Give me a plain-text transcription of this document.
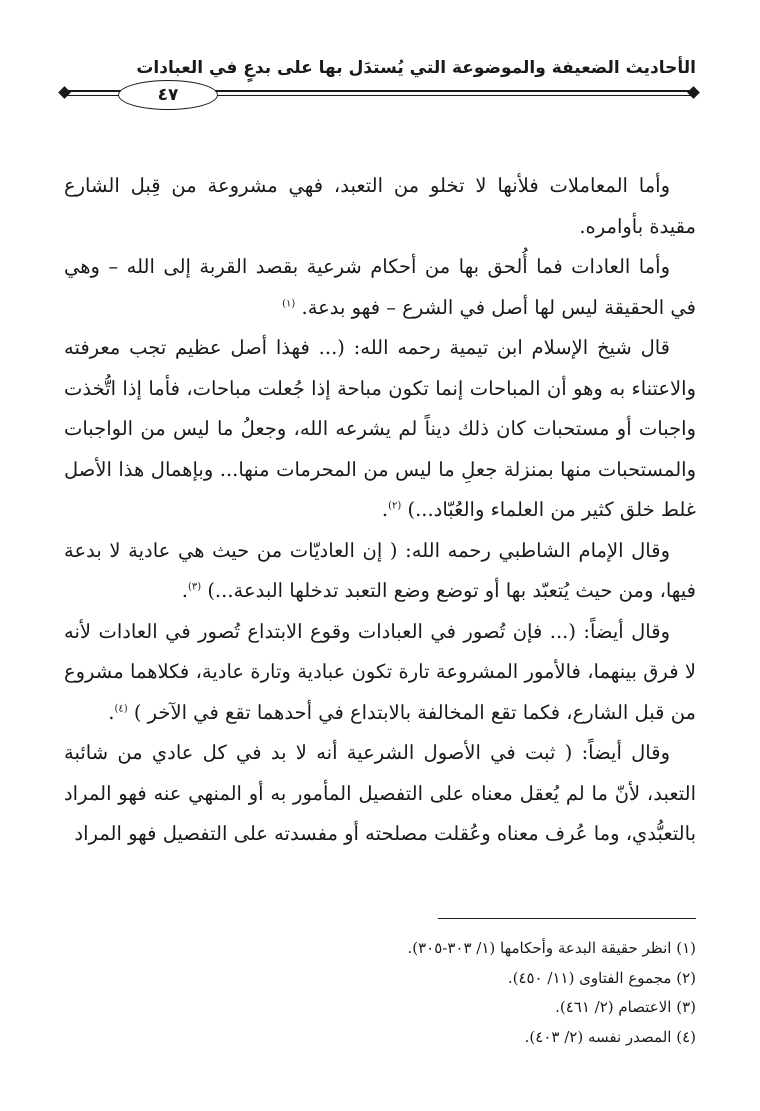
الأحاديث الضعيفة والموضوعة التي يُستدَل بها على بدعٍ في العبادات
٤٧

وأما المعاملات فلأنها لا تخلو من التعبد، فهي مشروعة من قِبل الشارع مقيدة بأوامره.

وأما العادات فما أُلحق بها من أحكام شرعية بقصد القربة إلى الله – وهي في الحقيقة ليس لها أصل في الشرع – فهو بدعة. $^{(١)}$

قال شيخ الإسلام ابن تيمية رحمه الله: (... فهذا أصل عظيم تجب معرفته والاعتناء به وهو أن المباحات إنما تكون مباحة إذا جُعلت مباحات، فأما إذا اتُّخذت واجبات أو مستحبات كان ذلك ديناً لم يشرعه الله، وجعلُ ما ليس من الواجبات والمستحبات منها بمنزلة جعلِ ما ليس من المحرمات منها... وبإهمال هذا الأصل غلط خلق كثير من العلماء والعُبّاد...) $^{(٢)}$.

وقال الإمام الشاطبي رحمه الله: ( إن العاديّات من حيث هي عادية لا بدعة فيها، ومن حيث يُتعبّد بها أو توضع وضع التعبد تدخلها البدعة...) $^{(٣)}$.

وقال أيضاً: (... فإن تُصور في العبادات وقوع الابتداع تُصور في العادات لأنه لا فرق بينهما، فالأمور المشروعة تارة تكون عبادية وتارة عادية، فكلاهما مشروع من قبل الشارع، فكما تقع المخالفة بالابتداع في أحدهما تقع في الآخر ) $^{(٤)}$.

وقال أيضاً: ( ثبت في الأصول الشرعية أنه لا بد في كل عادي من شائبة التعبد، لأنّ ما لم يُعقل معناه على التفصيل المأمور به أو المنهي عنه فهو المراد بالتعبُّدي، وما عُرف معناه وعُقلت مصلحته أو مفسدته على التفصيل فهو المراد

(١) انظر حقيقة البدعة وأحكامها (١/ ٣٠٣-٣٠٥).
(٢) مجموع الفتاوى (١١/ ٤٥٠).
(٣) الاعتصام (٢/ ٤٦١).
(٤) المصدر نفسه (٢/ ٤٠٣).
